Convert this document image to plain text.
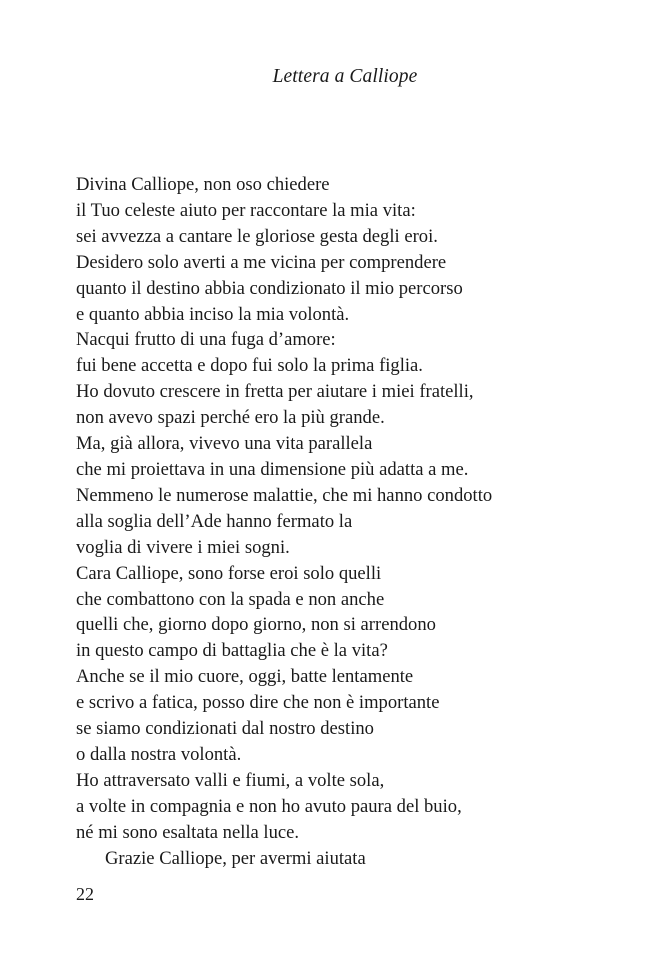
Lettera a Calliope
Divina Calliope, non oso chiedere
il Tuo celeste aiuto per raccontare la mia vita:
sei avvezza a cantare le gloriose gesta degli eroi.
Desidero solo averti a me vicina per comprendere
quanto il destino abbia condizionato il mio percorso
e quanto abbia inciso la mia volontà.
Nacqui frutto di una fuga d’amore:
fui bene accetta e dopo fui solo la prima figlia.
Ho dovuto crescere in fretta per aiutare i miei fratelli,
non avevo spazi perché ero la più grande.
Ma, già allora, vivevo una vita parallela
che mi proiettava in una dimensione più adatta a me.
Nemmeno le numerose malattie, che mi hanno condotto
alla soglia dell’Ade hanno fermato la
voglia di vivere i miei sogni.
Cara Calliope, sono forse eroi solo quelli
che combattono con la spada e non anche
quelli che, giorno dopo giorno, non si arrendono
in questo campo di battaglia che è la vita?
Anche se il mio cuore, oggi, batte lentamente
e scrivo a fatica, posso dire che non è importante
se siamo condizionati dal nostro destino
o dalla nostra volontà.
Ho attraversato valli e fiumi, a volte sola,
a volte in compagnia e non ho avuto paura del buio,
né mi sono esaltata nella luce.
Grazie Calliope, per avermi aiutata
22
